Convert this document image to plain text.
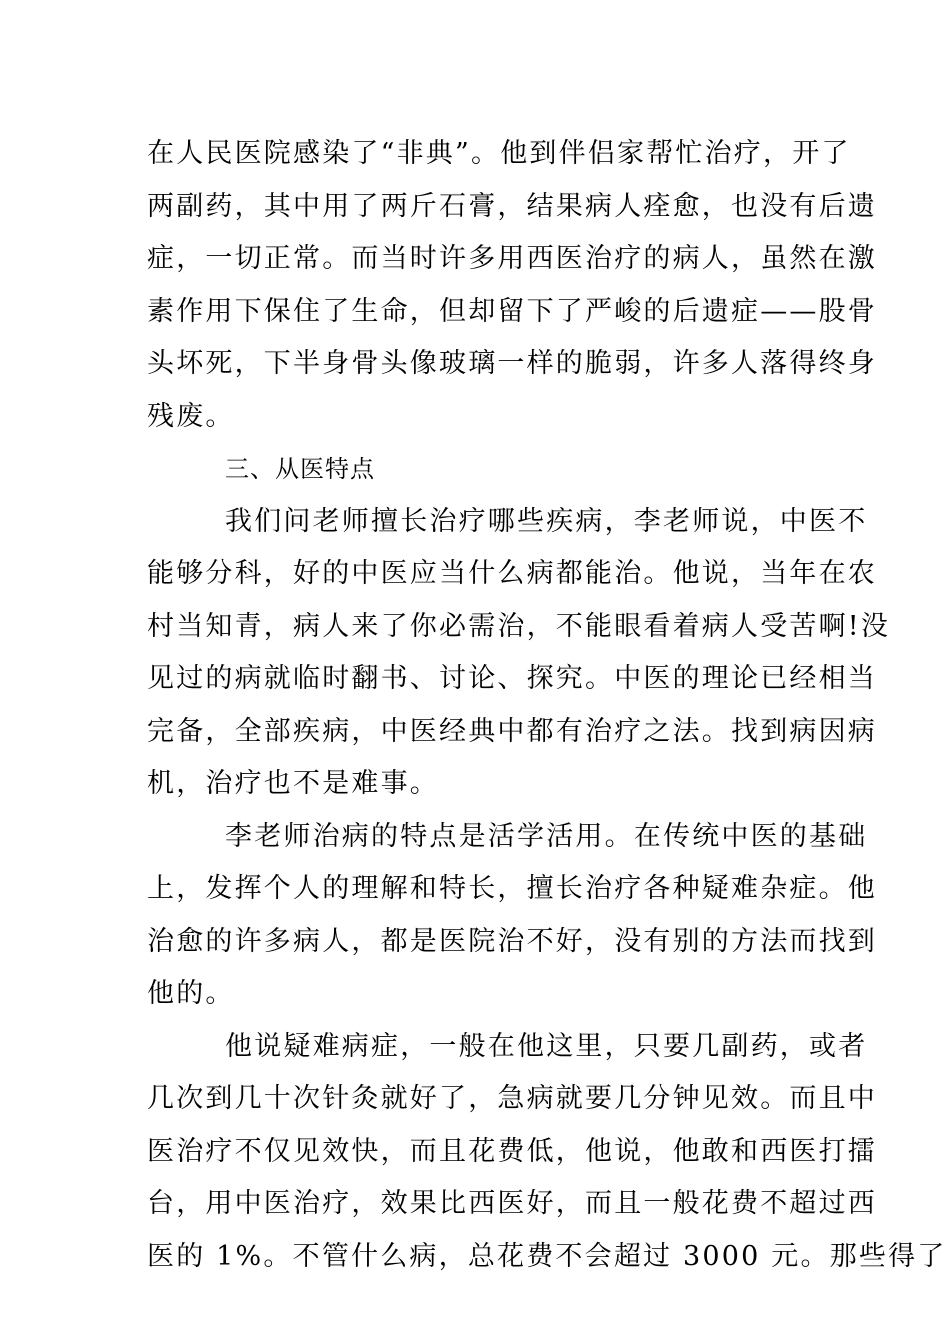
在人民医院感染了“非典”。他到伴侣家帮忙治疗，开了
两副药，其中用了两斤石膏，结果病人痊愈，也没有后遗
症，一切正常。而当时许多用西医治疗的病人，虽然在激
素作用下保住了生命，但却留下了严峻的后遗症——股骨
头坏死，下半身骨头像玻璃一样的脆弱，许多人落得终身
残废。
三、从医特点
我们问老师擅长治疗哪些疾病，李老师说，中医不
能够分科，好的中医应当什么病都能治。他说，当年在农
村当知青，病人来了你必需治，不能眼看着病人受苦啊!没
见过的病就临时翻书、讨论、探究。中医的理论已经相当
完备，全部疾病，中医经典中都有治疗之法。找到病因病
机，治疗也不是难事。
李老师治病的特点是活学活用。在传统中医的基础
上，发挥个人的理解和特长，擅长治疗各种疑难杂症。他
治愈的许多病人，都是医院治不好，没有别的方法而找到
他的。
他说疑难病症，一般在他这里，只要几副药，或者
几次到几十次针灸就好了，急病就要几分钟见效。而且中
医治疗不仅见效快，而且花费低，他说，他敢和西医打擂
台，用中医治疗，效果比西医好，而且一般花费不超过西
医的 1%。不管什么病，总花费不会超过 3000 元。那些得了
